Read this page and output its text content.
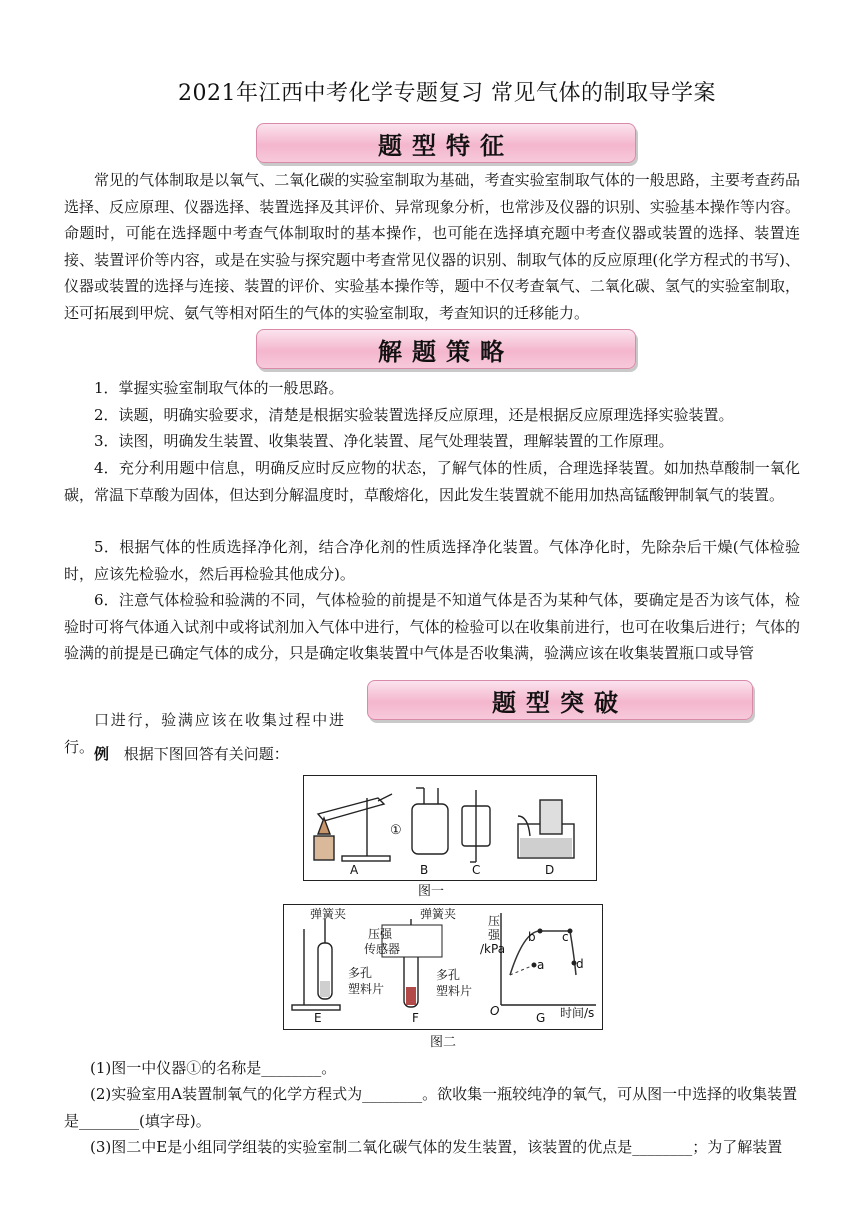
2021年江西中考化学专题复习 常见气体的制取导学案
题型特征
常见的气体制取是以氧气、二氧化碳的实验室制取为基础，考查实验室制取气体的一般思路，主要考查药品选择、反应原理、仪器选择、装置选择及其评价、异常现象分析，也常涉及仪器的识别、实验基本操作等内容。命题时，可能在选择题中考查气体制取时的基本操作，也可能在选择填充题中考查仪器或装置的选择、装置连接、装置评价等内容，或是在实验与探究题中考查常见仪器的识别、制取气体的反应原理(化学方程式的书写)、仪器或装置的选择与连接、装置的评价、实验基本操作等，题中不仅考查氧气、二氧化碳、氢气的实验室制取，还可拓展到甲烷、氨气等相对陌生的气体的实验室制取，考查知识的迁移能力。
解题策略
1．掌握实验室制取气体的一般思路。
2．读题，明确实验要求，清楚是根据实验装置选择反应原理，还是根据反应原理选择实验装置。
3．读图，明确发生装置、收集装置、净化装置、尾气处理装置，理解装置的工作原理。
4．充分利用题中信息，明确反应时反应物的状态，了解气体的性质，合理选择装置。如加热草酸制一氧化碳，常温下草酸为固体，但达到分解温度时，草酸熔化，因此发生装置就不能用加热高锰酸钾制氧气的装置。
5．根据气体的性质选择净化剂，结合净化剂的性质选择净化装置。气体净化时，先除杂后干燥(气体检验时，应该先检验水，然后再检验其他成分)。
6．注意气体检验和验满的不同，气体检验的前提是不知道气体是否为某种气体，要确定是否为该气体，检验时可将气体通入试剂中或将试剂加入气体中进行，气体的检验可以在收集前进行，也可在收集后进行；气体的验满的前提是已确定气体的成分，只是确定收集装置中气体是否收集满，验满应该在收集装置瓶口或导管
口进行，验满应该在收集过程中进行。
题型突破
例 根据下图回答有关问题：
A	B	C	D
①
图一
弹簧夹	弹簧夹
压强
传感器
多孔
塑料片
多孔
塑料片
压
强
/kPa
时间/s
O
a
b c
d
E	F	G
图二
(1)图一中仪器①的名称是________。
(2)实验室用A装置制氧气的化学方程式为________。欲收集一瓶较纯净的氧气，可从图一中选择的收集装置是________(填字母)。
(3)图二中E是小组同学组装的实验室制二氧化碳气体的发生装置，该装置的优点是________；为了解装置
